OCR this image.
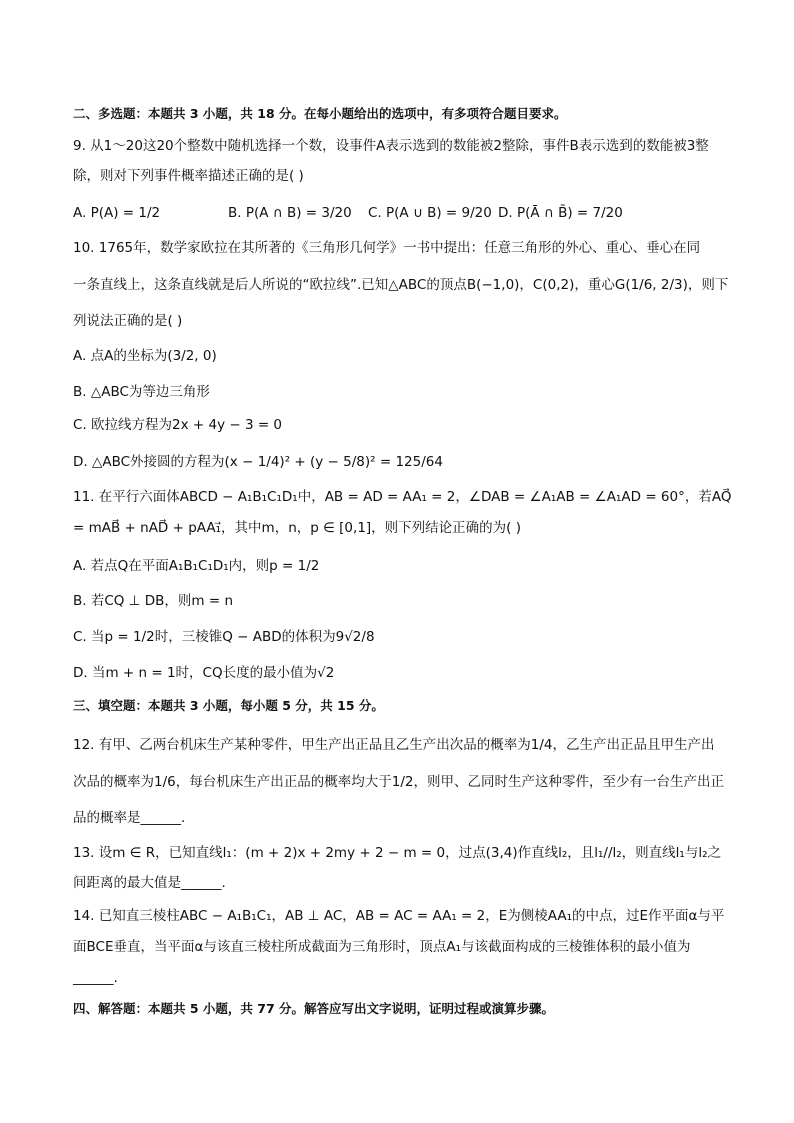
二、多选题：本题共 3 小题，共 18 分。在每小题给出的选项中，有多项符合题目要求。
9. 从1～20这20个整数中随机选择一个数，设事件A表示选到的数能被2整除，事件B表示选到的数能被3整
除，则对下列事件概率描述正确的是( )
A. P(A) = 1/2	B. P(A ∩ B) = 3/20 C. P(A ∪ B) = 9/20 D. P(Ā ∩ B̄) = 7/20
10. 1765年，数学家欧拉在其所著的《三角形几何学》一书中提出：任意三角形的外心、重心、垂心在同
一条直线上，这条直线就是后人所说的“欧拉线”.已知△ABC的顶点B(−1,0)，C(0,2)，重心G(1/6, 2/3)，则下
列说法正确的是( )
A. 点A的坐标为(3/2, 0)
B. △ABC为等边三角形
C. 欧拉线方程为2x + 4y − 3 = 0
D. △ABC外接圆的方程为(x − 1/4)² + (y − 5/8)² = 125/64
11. 在平行六面体ABCD − A₁B₁C₁D₁中，AB = AD = AA₁ = 2，∠DAB = ∠A₁AB = ∠A₁AD = 60°，若AQ⃗
= mAB⃗ + nAD⃗ + pAA₁⃗，其中m，n，p ∈ [0,1]，则下列结论正确的为( )
A. 若点Q在平面A₁B₁C₁D₁内，则p = 1/2
B. 若CQ ⊥ DB，则m = n
C. 当p = 1/2时，三棱锥Q − ABD的体积为9√2/8
D. 当m + n = 1时，CQ长度的最小值为√2
三、填空题：本题共 3 小题，每小题 5 分，共 15 分。
12. 有甲、乙两台机床生产某种零件，甲生产出正品且乙生产出次品的概率为1/4，乙生产出正品且甲生产出
次品的概率为1/6，每台机床生产出正品的概率均大于1/2，则甲、乙同时生产这种零件，至少有一台生产出正
品的概率是______.
13. 设m ∈ R，已知直线l₁：(m + 2)x + 2my + 2 − m = 0，过点(3,4)作直线l₂，且l₁//l₂，则直线l₁与l₂之
间距离的最大值是______.
14. 已知直三棱柱ABC − A₁B₁C₁，AB ⊥ AC，AB = AC = AA₁ = 2，E为侧棱AA₁的中点，过E作平面α与平
面BCE垂直，当平面α与该直三棱柱所成截面为三角形时，顶点A₁与该截面构成的三棱锥体积的最小值为
______.
四、解答题：本题共 5 小题，共 77 分。解答应写出文字说明，证明过程或演算步骤。
